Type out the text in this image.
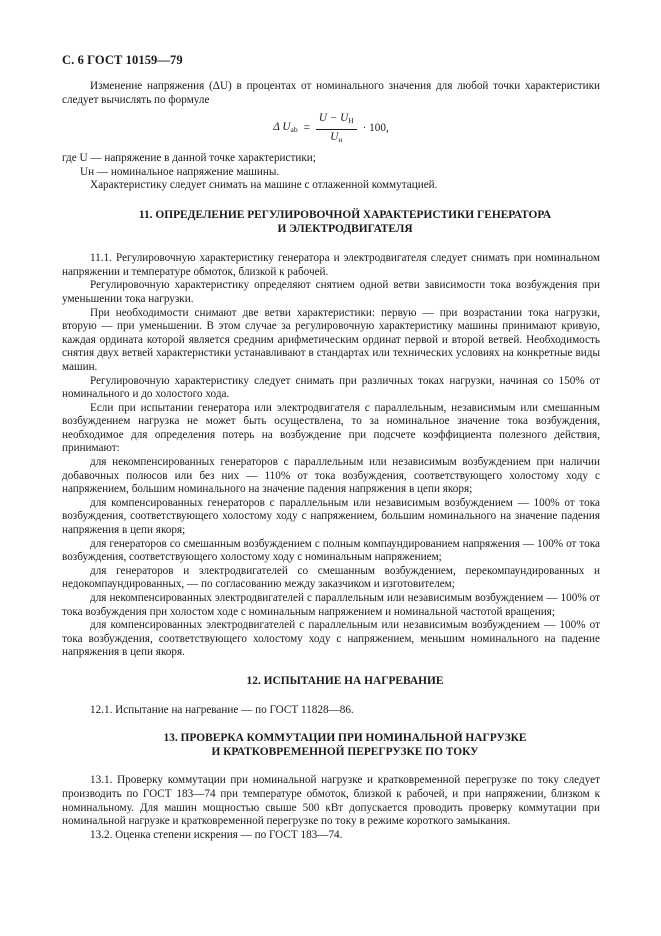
С. 6 ГОСТ 10159—79

Изменение напряжения (ΔU) в процентах от номинального значения для любой точки характеристики следует вычислять по формуле

Δ $U_{ab} = \frac{U - U_H}{U_н} \cdot 100$,

где U — напряжение в данной точке характеристики;

Uн — номинальное напряжение машины.

Характеристику следует снимать на машине с отлаженной коммутацией.

11. ОПРЕДЕЛЕНИЕ РЕГУЛИРОВОЧНОЙ ХАРАКТЕРИСТИКИ ГЕНЕРАТОРА

И ЭЛЕКТРОДВИГАТЕЛЯ

11.1. Регулировочную характеристику генератора и электродвигателя следует снимать при номинальном напряжении и температуре обмоток, близкой к рабочей.

Регулировочную характеристику определяют снятием одной ветви зависимости тока возбуждения при уменьшении тока нагрузки.

При необходимости снимают две ветви характеристики: первую — при возрастании тока нагрузки, вторую — при уменьшении. В этом случае за регулировочную характеристику машины принимают кривую, каждая ордината которой является средним арифметическим ординат первой и второй ветвей. Необходимость снятия двух ветвей характеристики устанавливают в стандартах или технических условиях на конкретные виды машин.

Регулировочную характеристику следует снимать при различных токах нагрузки, начиная со 150% от номинального и до холостого хода.

Если при испытании генератора или электродвигателя с параллельным, независимым или смешанным возбуждением нагрузка не может быть осуществлена, то за номинальное значение тока возбуждения, необходимое для определения потерь на возбуждение при подсчете коэффициента полезного действия, принимают:

для некомпенсированных генераторов с параллельным или независимым возбуждением при наличии добавочных полюсов или без них — 110% от тока возбуждения, соответствующего холостому ходу с напряжением, большим номинального на значение падения напряжения в цепи якоря;

для компенсированных генераторов с параллельным или независимым возбуждением — 100% от тока возбуждения, соответствующего холостому ходу с напряжением, большим номинального на значение падения напряжения в цепи якоря;

для генераторов со смешанным возбуждением с полным компаундированием напряжения — 100% от тока возбуждения, соответствующего холостому ходу с номинальным напряжением;

для генераторов и электродвигателей со смешанным возбуждением, перекомпаундированных и недокомпаундированных, — по согласованию между заказчиком и изготовителем;

для некомпенсированных электродвигателей с параллельным или независимым возбуждением — 100% от тока возбуждения при холостом ходе с номинальным напряжением и номинальной частотой вращения;

для компенсированных электродвигателей с параллельным или независимым возбуждением — 100% от тока возбуждения, соответствующего холостому ходу с напряжением, меньшим номинального на падение напряжения в цепи якоря.

12. ИСПЫТАНИЕ НА НАГРЕВАНИЕ

12.1. Испытание на нагревание — по ГОСТ 11828—86.

13. ПРОВЕРКА КОММУТАЦИИ ПРИ НОМИНАЛЬНОЙ НАГРУЗКЕ

И КРАТКОВРЕМЕННОЙ ПЕРЕГРУЗКЕ ПО ТОКУ

13.1. Проверку коммутации при номинальной нагрузке и кратковременной перегрузке по току следует производить по ГОСТ 183—74 при температуре обмоток, близкой к рабочей, и при напряжении, близком к номинальному. Для машин мощностью свыше 500 кВт допускается проводить проверку коммутации при номинальной нагрузке и кратковременной перегрузке по току в режиме короткого замыкания.

13.2. Оценка степени искрения — по ГОСТ 183—74.
